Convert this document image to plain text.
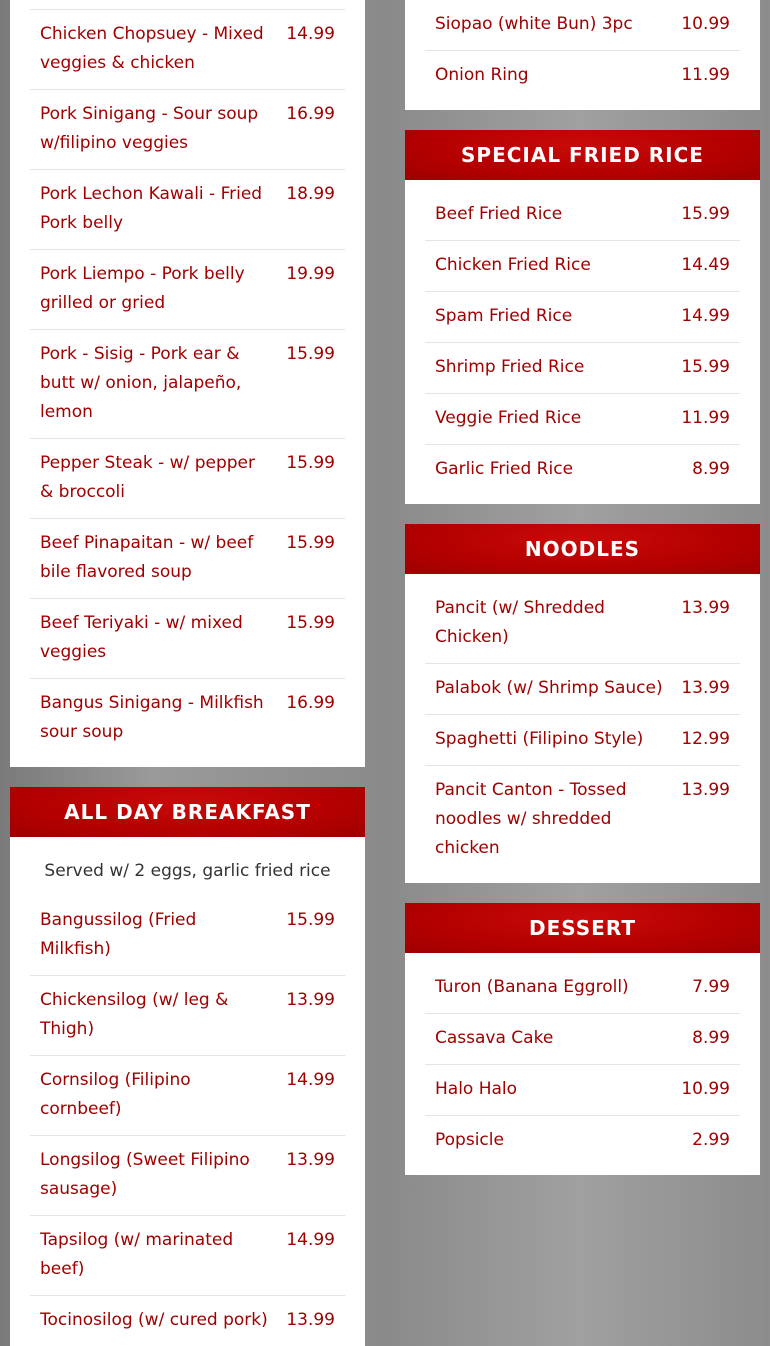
Chicken Chopsuey - Mixed veggies & chicken
14.99
Pork Sinigang - Sour soup w/filipino veggies
16.99
Pork Lechon Kawali - Fried Pork belly
18.99
Pork Liempo - Pork belly grilled or gried
19.99
Pork - Sisig - Pork ear & butt w/ onion, jalapeño, lemon
15.99
Pepper Steak - w/ pepper & broccoli
15.99
Beef Pinapaitan - w/ beef bile flavored soup
15.99
Beef Teriyaki - w/ mixed veggies
15.99
Bangus Sinigang - Milkfish sour soup
16.99
ALL DAY BREAKFAST
Served w/ 2 eggs, garlic fried rice
Bangussilog (Fried Milkfish)
15.99
Chickensilog (w/ leg & Thigh)
13.99
Cornsilog (Filipino cornbeef)
14.99
Longsilog (Sweet Filipino sausage)
13.99
Tapsilog (w/ marinated beef)
14.99
Tocinosilog (w/ cured pork)	13.99
Siopao (white Bun) 3pc	10.99
Onion Ring	11.99
SPECIAL FRIED RICE
Beef Fried Rice	15.99
Chicken Fried Rice	14.49
Spam Fried Rice	14.99
Shrimp Fried Rice	15.99
Veggie Fried Rice	11.99
Garlic Fried Rice	8.99
NOODLES
Pancit (w/ Shredded Chicken)
13.99
Palabok (w/ Shrimp Sauce)	13.99
Spaghetti (Filipino Style)	12.99
Pancit Canton - Tossed noodles w/ shredded chicken
13.99
DESSERT
Turon (Banana Eggroll)	7.99
Cassava Cake	8.99
Halo Halo	10.99
Popsicle	2.99
